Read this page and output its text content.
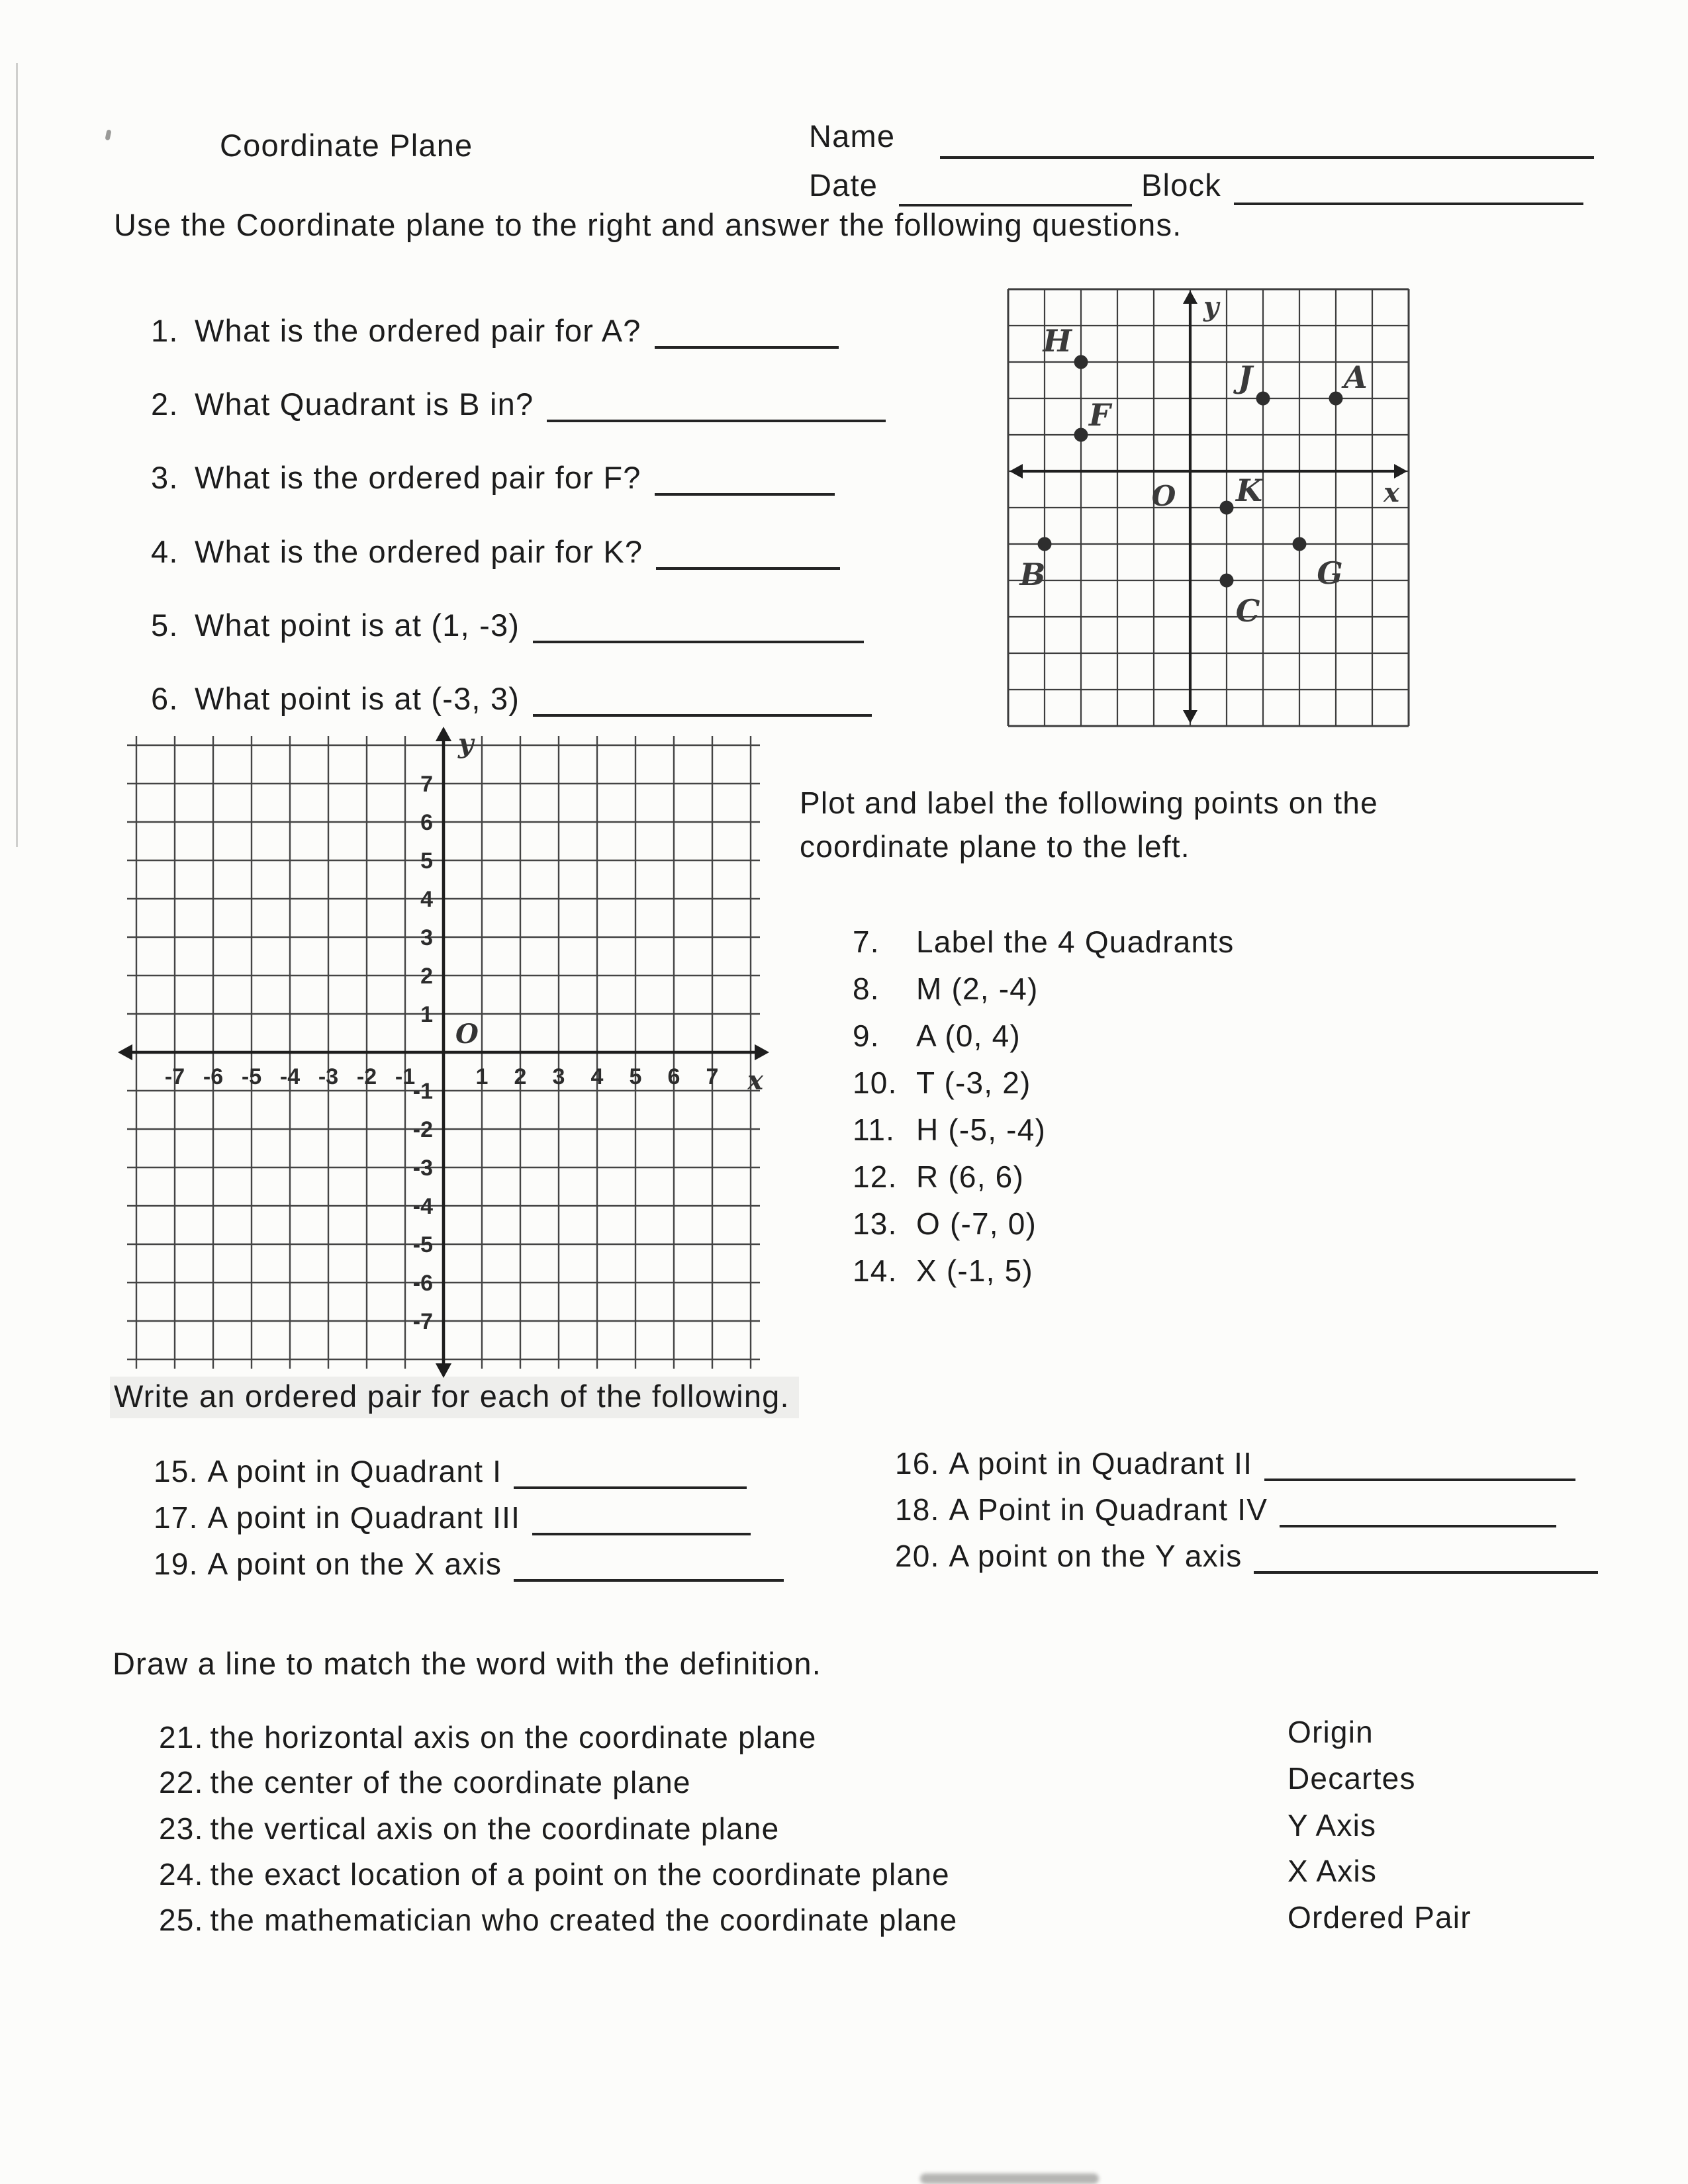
Coordinate Plane	Name
Date	Block
Use the Coordinate plane to the right and answer the following questions.
1. What is the ordered pair for A?
2. What Quadrant is B in?
3. What is the ordered pair for F?
4. What is the ordered pair for K?
5. What point is at (1, -3)
6. What point is at (-3, 3)
y
x
O
A
B
C
F
G
H
J
K
Plot and label the following points on the
coordinate plane to the left.
7.	Label the 4 Quadrants
8.	M (2, -4)
9.	A (0, 4)
10. T (-3, 2)
11. H (-5, -4)
12. R (6, 6)
13. O (-7, 0)
14. X (-1, 5)
-7 -6 -5 -4 -3 -2 -1	1 2 3 4 5 6 7
7
6
5
4
3
2
1
-1
-2
-3
-4
-5
-6
-7
y
x
O
Write an ordered pair for each of the following.
15. A point in Quadrant I
17. A point in Quadrant III
19. A point on the X axis
16. A point in Quadrant II
18. A Point in Quadrant IV
20. A point on the Y axis
Draw a line to match the word with the definition.
21. the horizontal axis on the coordinate plane
22. the center of the coordinate plane
23. the vertical axis on the coordinate plane
24. the exact location of a point on the coordinate plane
25. the mathematician who created the coordinate plane
Origin
Decartes
Y Axis
X Axis
Ordered Pair
